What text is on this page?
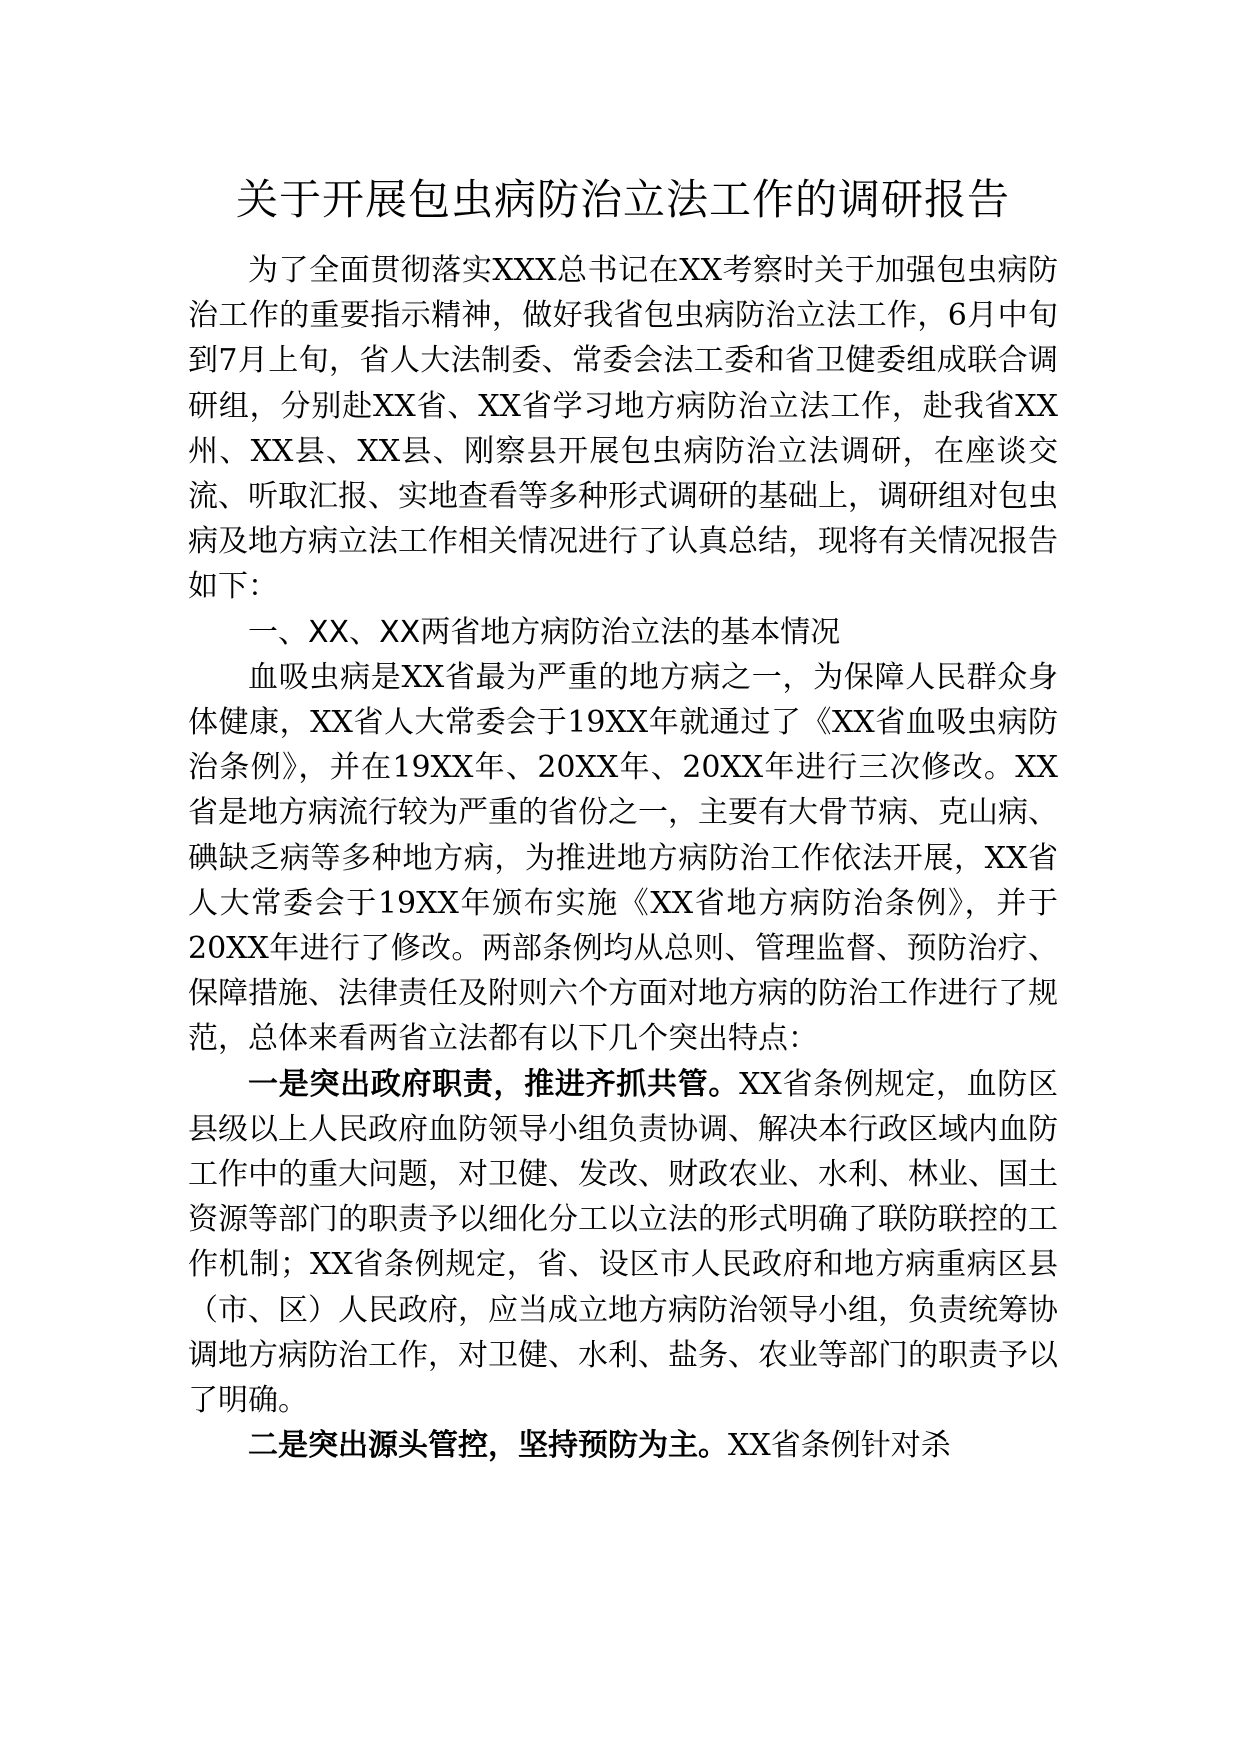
关于开展包虫病防治立法工作的调研报告

为了全面贯彻落实XXX总书记在XX考察时关于加强包虫病防治工作的重要指示精神，做好我省包虫病防治立法工作，6月中旬到7月上旬，省人大法制委、常委会法工委和省卫健委组成联合调研组，分别赴XX省、XX省学习地方病防治立法工作，赴我省XX州、XX县、XX县、刚察县开展包虫病防治立法调研，在座谈交流、听取汇报、实地查看等多种形式调研的基础上，调研组对包虫病及地方病立法工作相关情况进行了认真总结，现将有关情况报告如下：

一、XX、XX两省地方病防治立法的基本情况

血吸虫病是XX省最为严重的地方病之一，为保障人民群众身体健康，XX省人大常委会于19XX年就通过了《XX省血吸虫病防治条例》，并在19XX年、20XX年、20XX年进行三次修改。XX省是地方病流行较为严重的省份之一，主要有大骨节病、克山病、碘缺乏病等多种地方病，为推进地方病防治工作依法开展，XX省人大常委会于19XX年颁布实施《XX省地方病防治条例》，并于20XX年进行了修改。两部条例均从总则、管理监督、预防治疗、保障措施、法律责任及附则六个方面对地方病的防治工作进行了规范，总体来看两省立法都有以下几个突出特点：

一是突出政府职责，推进齐抓共管。XX省条例规定，血防区县级以上人民政府血防领导小组负责协调、解决本行政区域内血防工作中的重大问题，对卫健、发改、财政农业、水利、林业、国土资源等部门的职责予以细化分工以立法的形式明确了联防联控的工作机制；XX省条例规定，省、设区市人民政府和地方病重病区县（市、区）人民政府，应当成立地方病防治领导小组，负责统筹协调地方病防治工作，对卫健、水利、盐务、农业等部门的职责予以了明确。

二是突出源头管控，坚持预防为主。XX省条例针对杀
